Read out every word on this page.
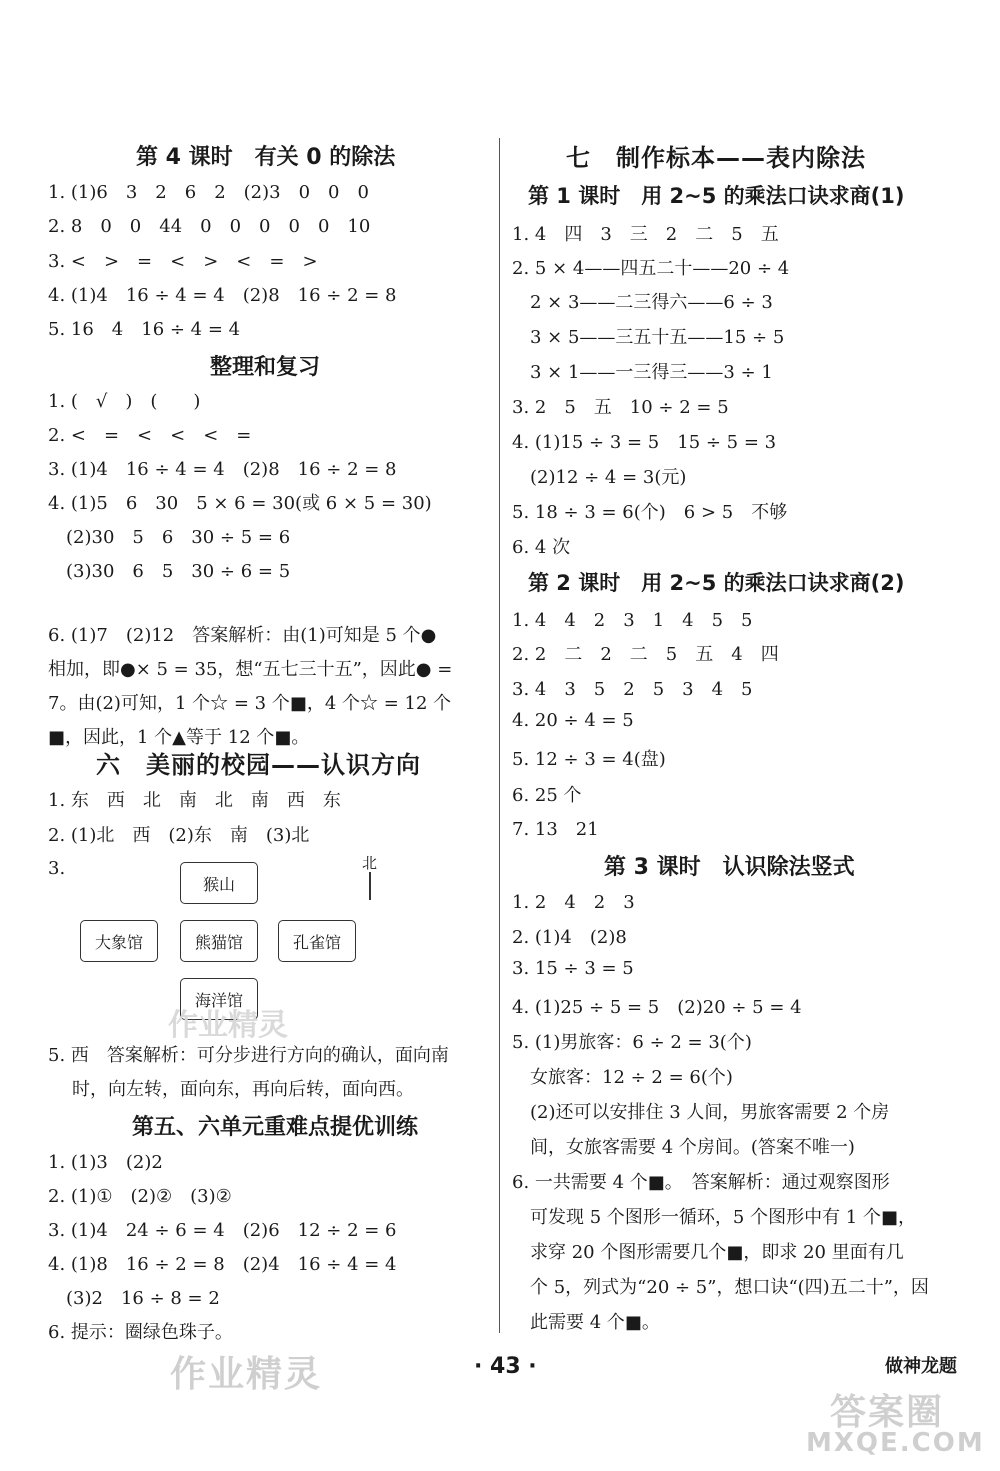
第 4 课时　有关 0 的除法
1. (1)6　3　2　6　2　(2)3　0　0　0
2. 8　0　0　44　0　0　0　0　0　10
3. <　>　=　<　>　<　=　>
4. (1)4　16 ÷ 4 = 4　(2)8　16 ÷ 2 = 8
5. 16　4　16 ÷ 4 = 4
整理和复习
1. (　√　)　(　　)
2. <　=　<　<　<　=
3. (1)4　16 ÷ 4 = 4　(2)8　16 ÷ 2 = 8
4. (1)5　6　30　5 × 6 = 30(或 6 × 5 = 30)
　(2)30　5　6　30 ÷ 5 = 6
　(3)30　6　5　30 ÷ 6 = 5
6. (1)7　(2)12　答案解析：由(1)可知是 5 个●
相加，即●× 5 = 35，想“五七三十五”，因此● =
7。由(2)可知，1 个☆ = 3 个■，4 个☆ = 12 个
■，因此，1 个▲等于 12 个■。
六　美丽的校园——认识方向
1. 东　西　北　南　北　南　西　东
2. (1)北　西　(2)东　南　(3)北
3.	北
猴山
大象馆	熊猫馆	孔雀馆
海洋馆
作业精灵
5. 西　答案解析：可分步进行方向的确认，面向南
时，向左转，面向东，再向后转，面向西。
第五、六单元重难点提优训练
1. (1)3　(2)2
2. (1)①　(2)②　(3)②
3. (1)4　24 ÷ 6 = 4　(2)6　12 ÷ 2 = 6
4. (1)8　16 ÷ 2 = 8　(2)4　16 ÷ 4 = 4
　(3)2　16 ÷ 8 = 2
6. 提示：圈绿色珠子。
作业精灵
七　制作标本——表内除法
第 1 课时　用 2~5 的乘法口诀求商(1)
1. 4　四　3　三　2　二　5　五
2. 5 × 4——四五二十——20 ÷ 4
　2 × 3——二三得六——6 ÷ 3
　3 × 5——三五十五——15 ÷ 5
　3 × 1——一三得三——3 ÷ 1
3. 2　5　五　10 ÷ 2 = 5
4. (1)15 ÷ 3 = 5　15 ÷ 5 = 3
　(2)12 ÷ 4 = 3(元)
5. 18 ÷ 3 = 6(个)　6 > 5　不够
6. 4 次
第 2 课时　用 2~5 的乘法口诀求商(2)
1. 4　4　2　3　1　4　5　5
2. 2　二　2　二　5　五　4　四
3. 4　3　5　2　5　3　4　5
4. 20 ÷ 4 = 5
5. 12 ÷ 3 = 4(盘)
6. 25 个
7. 13　21
第 3 课时　认识除法竖式
1. 2　4　2　3
2. (1)4　(2)8
3. 15 ÷ 3 = 5
4. (1)25 ÷ 5 = 5　(2)20 ÷ 5 = 4
5. (1)男旅客：6 ÷ 2 = 3(个)
　女旅客：12 ÷ 2 = 6(个)
　(2)还可以安排住 3 人间，男旅客需要 2 个房
　间，女旅客需要 4 个房间。(答案不唯一)
6. 一共需要 4 个■。　答案解析：通过观察图形
　可发现 5 个图形一循环，5 个图形中有 1 个■，
　求穿 20 个图形需要几个■，即求 20 里面有几
　个 5，列式为“20 ÷ 5”，想口诀“(四)五二十”，因
　此需要 4 个■。
· 43 ·	做神龙题
答案圈
MXQE.COM
